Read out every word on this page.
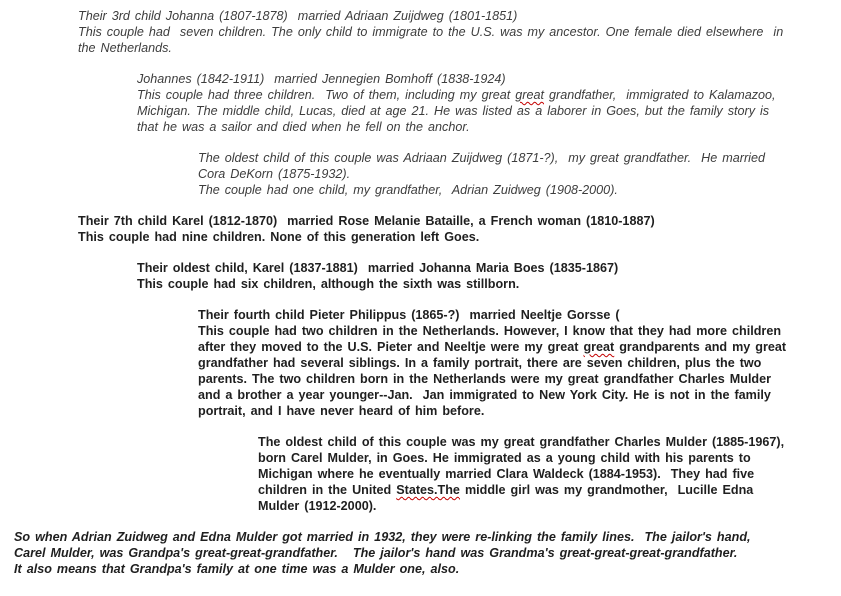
Their 3rd child Johanna (1807-1878)  married Adriaan Zuijdweg (1801-1851)
This couple had  seven children. The only child to immigrate to the U.S. was my ancestor. One female died elsewhere  in
the Netherlands.
Johannes (1842-1911)  married Jennegien Bomhoff (1838-1924)
This couple had three children.  Two of them, including my great great grandfather,  immigrated to Kalamazoo,
Michigan. The middle child, Lucas, died at age 21. He was listed as a laborer in Goes, but the family story is
that he was a sailor and died when he fell on the anchor.
The oldest child of this couple was Adriaan Zuijdweg (1871-?),  my great grandfather.  He married
Cora DeKorn (1875-1932).
The couple had one child, my grandfather,  Adrian Zuidweg (1908-2000).
Their 7th child Karel (1812-1870)  married Rose Melanie Bataille, a French woman (1810-1887)
This couple had nine children. None of this generation left Goes.
Their oldest child, Karel (1837-1881)  married Johanna Maria Boes (1835-1867)
This couple had six children, although the sixth was stillborn.
Their fourth child Pieter Philippus (1865-?)  married Neeltje Gorsse (
This couple had two children in the Netherlands. However, I know that they had more children
after they moved to the U.S. Pieter and Neeltje were my great great grandparents and my great
grandfather had several siblings. In a family portrait, there are seven children, plus the two
parents. The two children born in the Netherlands were my great grandfather Charles Mulder
and a brother a year younger--Jan.  Jan immigrated to New York City. He is not in the family
portrait, and I have never heard of him before.
The oldest child of this couple was my great grandfather Charles Mulder (1885-1967),
born Carel Mulder, in Goes. He immigrated as a young child with his parents to
Michigan where he eventually married Clara Waldeck (1884-1953).  They had five
children in the United States.The middle girl was my grandmother,  Lucille Edna
Mulder (1912-2000).
So when Adrian Zuidweg and Edna Mulder got married in 1932, they were re-linking the family lines.  The jailor's hand,
Carel Mulder, was Grandpa's great-great-grandfather.   The jailor's hand was Grandma's great-great-great-grandfather.
It also means that Grandpa's family at one time was a Mulder one, also.
